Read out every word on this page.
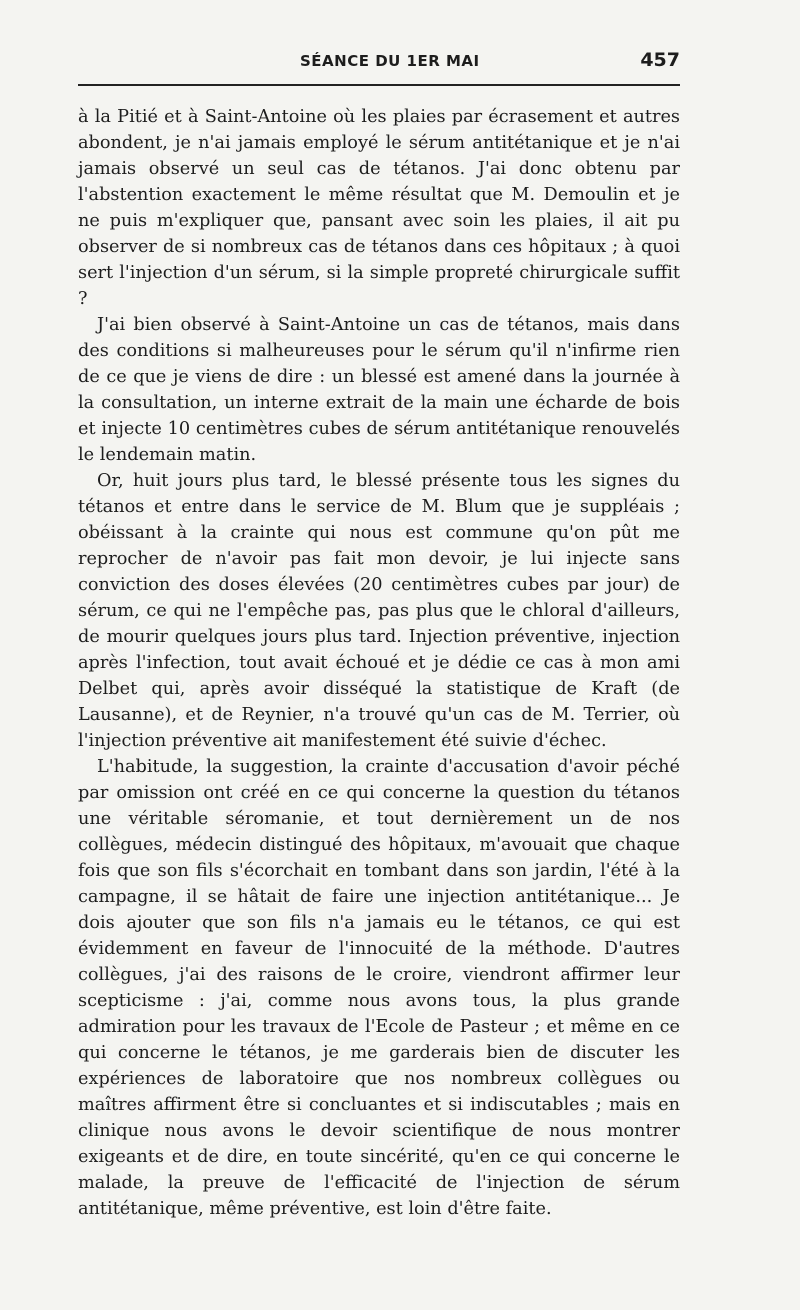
SÉANCE DU 1ER MAI	457

à la Pitié et à Saint-Antoine où les plaies par écrasement et autres abondent, je n'ai jamais employé le sérum antitétanique et je n'ai jamais observé un seul cas de tétanos. J'ai donc obtenu par l'abstention exactement le même résultat que M. Demoulin et je ne puis m'expliquer que, pansant avec soin les plaies, il ait pu observer de si nombreux cas de tétanos dans ces hôpitaux ; à quoi sert l'injection d'un sérum, si la simple propreté chirurgicale suffit ?

J'ai bien observé à Saint-Antoine un cas de tétanos, mais dans des conditions si malheureuses pour le sérum qu'il n'infirme rien de ce que je viens de dire : un blessé est amené dans la journée à la consultation, un interne extrait de la main une écharde de bois et injecte 10 centimètres cubes de sérum antitétanique renouvelés le lendemain matin.

Or, huit jours plus tard, le blessé présente tous les signes du tétanos et entre dans le service de M. Blum que je suppléais ; obéissant à la crainte qui nous est commune qu'on pût me reprocher de n'avoir pas fait mon devoir, je lui injecte sans conviction des doses élevées (20 centimètres cubes par jour) de sérum, ce qui ne l'empêche pas, pas plus que le chloral d'ailleurs, de mourir quelques jours plus tard. Injection préventive, injection après l'infection, tout avait échoué et je dédie ce cas à mon ami Delbet qui, après avoir disséqué la statistique de Kraft (de Lausanne), et de Reynier, n'a trouvé qu'un cas de M. Terrier, où l'injection préventive ait manifestement été suivie d'échec.

L'habitude, la suggestion, la crainte d'accusation d'avoir péché par omission ont créé en ce qui concerne la question du tétanos une véritable séromanie, et tout dernièrement un de nos collègues, médecin distingué des hôpitaux, m'avouait que chaque fois que son fils s'écorchait en tombant dans son jardin, l'été à la campagne, il se hâtait de faire une injection antitétanique... Je dois ajouter que son fils n'a jamais eu le tétanos, ce qui est évidemment en faveur de l'innocuité de la méthode. D'autres collègues, j'ai des raisons de le croire, viendront affirmer leur scepticisme : j'ai, comme nous avons tous, la plus grande admiration pour les travaux de l'Ecole de Pasteur ; et même en ce qui concerne le tétanos, je me garderais bien de discuter les expériences de laboratoire que nos nombreux collègues ou maîtres affirment être si concluantes et si indiscutables ; mais en clinique nous avons le devoir scientifique de nous montrer exigeants et de dire, en toute sincérité, qu'en ce qui concerne le malade, la preuve de l'efficacité de l'injection de sérum antitétanique, même préventive, est loin d'être faite.
